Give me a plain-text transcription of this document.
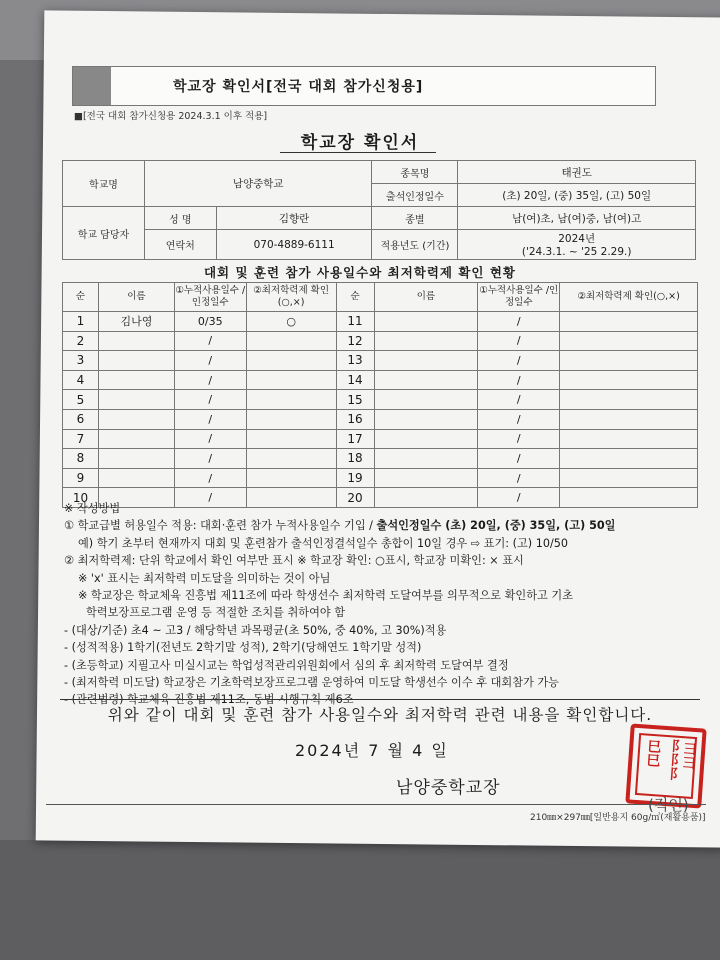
학교장 확인서[전국 대회 참가신청용]
■[전국 대회 참가신청용 2024.3.1 이후 적용]
학교장 확인서
학교명	남양중학교		종목명	태권도
			출석인정일수	(초) 20일, (중) 35일, (고) 50일
학교 담당자	성 명	김향란	종별	남(여)초, 남(여)중, 남(여)고
	연락처	070-4889-6111	적용년도 (기간)	2024년
('24.3.1. ~ '25 2.29.)
대회 및 훈련 참가 사용일수와 최저학력제 확인 현황
순	이름	①누적사용일수 /인정일수	②최저학력제 확인(○,×)	순	이름	①누적사용일수 /인정일수	②최저학력제 확인(○,×)
1	김나영	0/35	○	11		/	
2		/		12		/	
3		/		13		/	
4		/		14		/	
5		/		15		/	
6		/		16		/	
7		/		17		/	
8		/		18		/	
9		/		19		/	
10		/		20		/	
※ 작성방법
① 학교급별 허용일수 적용: 대회·훈련 참가 누적사용일수 기입 / 출석인정일수 (초) 20일, (중) 35일, (고) 50일
예) 학기 초부터 현재까지 대회 및 훈련참가 출석인정결석일수 총합이 10일 경우 ⇨ 표기: (고) 10/50
② 최저학력제: 단위 학교에서 확인 여부만 표시 ※ 학교장 확인: ○표시, 학교장 미확인: × 표시
※ 'x' 표시는 최저학력 미도달을 의미하는 것이 아님
※ 학교장은 학교체육 진흥법 제11조에 따라 학생선수 최저학력 도달여부를 의무적으로 확인하고 기초
학력보장프로그램 운영 등 적절한 조치를 취하여야 함
- (대상/기준) 초4 ~ 고3 / 해당학년 과목평균(초 50%, 중 40%, 고 30%)적용
- (성적적용) 1학기(전년도 2학기말 성적), 2학기(당해연도 1학기말 성적)
- (초등학교) 지필고사 미실시교는 학업성적관리위원회에서 심의 후 최저학력 도달여부 결정
- (최저학력 미도달) 학교장은 기초학력보장프로그램 운영하여 미도달 학생선수 이수 후 대회참가 가능
- (관련법령) 학교체육 진흥법 제11조, 동법 시행규칙 제6조
위와 같이 대회 및 훈련 참가 사용일수와 최저학력 관련 내용을 확인합니다.
2024년 7 월 4 일
남양중학교장
⺒⺒ ⻏⻏⻏ ⺕⺕
(직인)
210㎜×297㎜[일반용지 60g/㎡(재활용품)]
